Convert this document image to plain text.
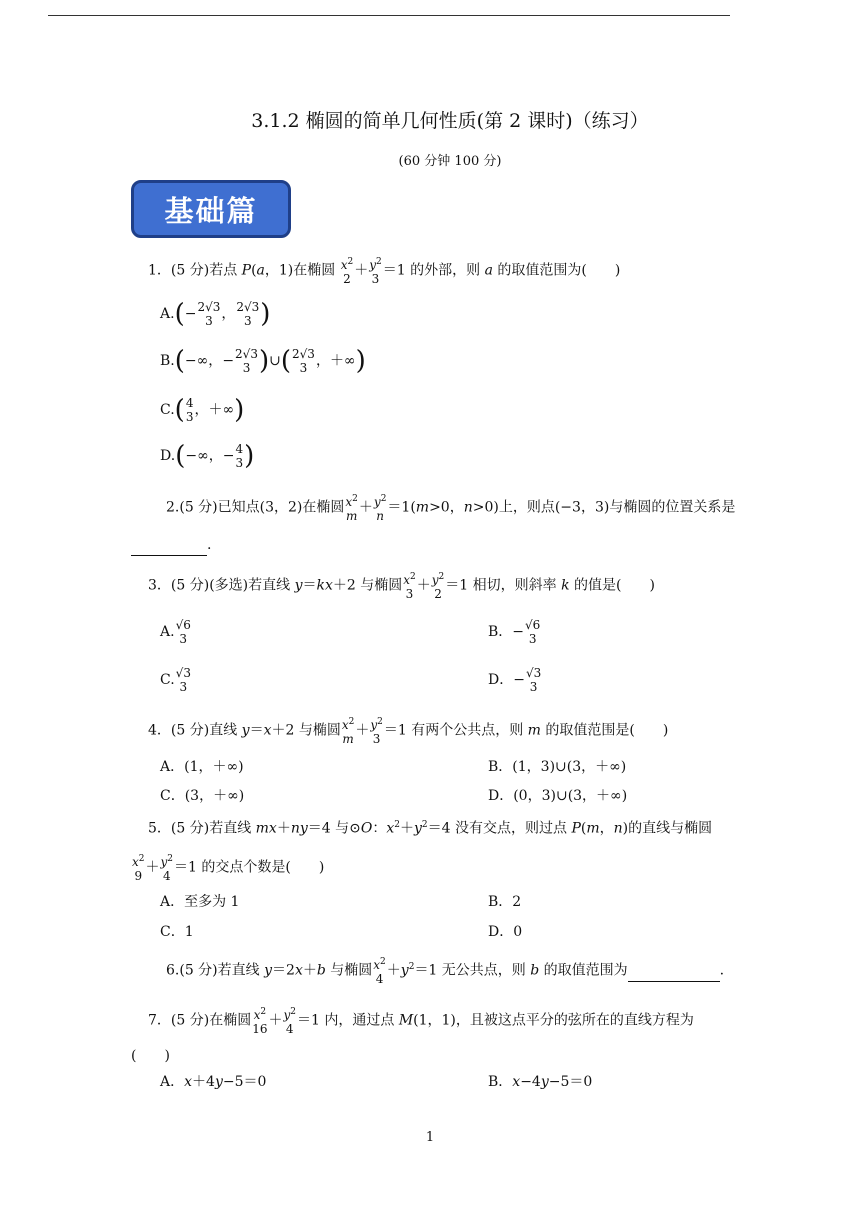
3.1.2 椭圆的简单几何性质(第 2 课时)（练习）
(60 分钟 100 分)
基础篇
1．(5 分)若点 P(a，1)在椭圆 $x^2$
2
＋ $y^2$
3
＝1 的外部，则 a 的取值范围为(　　)
A.(− 2√3
3 ， 2√3
3 )
B.(−∞，− 2√3
3 )∪( 2√3
3 ，＋∞)
C.( 4
3 ，＋∞)
D.(−∞，− 4
3 )
2.(5 分)已知点(3，2)在椭圆 $x^2$
m
＋ $y^2$
n
＝1(m>0，n>0)上，则点(−3，3)与椭圆的位置关系是
.
3．(5 分)(多选)若直线 y＝kx＋2 与椭圆 $x^2$
3
＋ $y^2$
2
＝1 相切，则斜率 k 的值是(　　)
A. √6
3	B．− √6
3
C. √3
3	D．− √3
3
4．(5 分)直线 y＝x＋2 与椭圆 $x^2$
m
＋ $y^2$
3
＝1 有两个公共点，则 m 的取值范围是(　　)
A．(1，＋∞)	B．(1，3)∪(3，＋∞)
C．(3，＋∞)	D．(0，3)∪(3，＋∞)
5．(5 分)若直线 mx＋ny＝4 与⊙O：$x^2+y^2=4$ 没有交点，则过点 P(m，n)的直线与椭圆
$x^2$
9
＋ $y^2$
4
＝1 的交点个数是(　　)
A．至多为 1	B．2
C．1	D．0
6.(5 分)若直线 y＝2x＋b 与椭圆 $x^2$
4
$+y^2=1$ 无公共点，则 b 的取值范围为	.
7．(5 分)在椭圆 $x^2$
16
＋ $y^2$
4
＝1 内，通过点 M(1，1)，且被这点平分的弦所在的直线方程为
(　　)
A．x＋4y−5＝0	B．x−4y−5＝0
1
